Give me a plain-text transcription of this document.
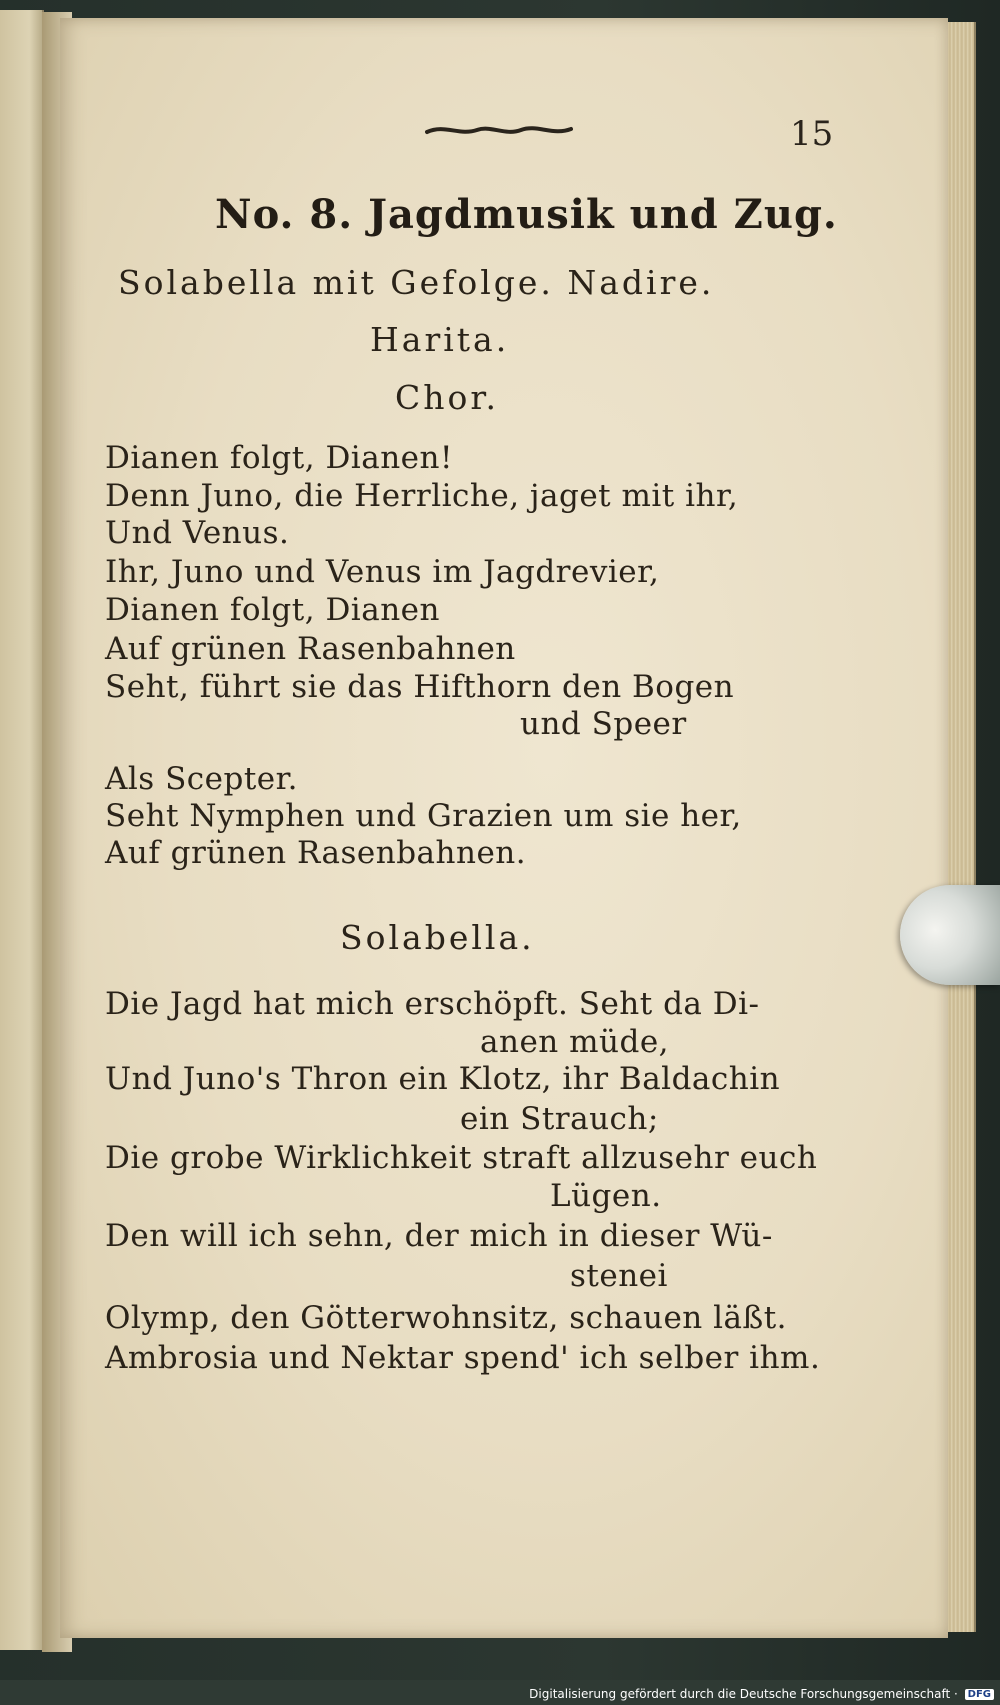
15
No. 8. Jagdmusik und Zug.
Solabella mit Gefolge. Nadire.
Harita.
Chor.
Dianen folgt, Dianen!
Denn Juno, die Herrliche, jaget mit ihr,
Und Venus.
Ihr, Juno und Venus im Jagdrevier,
Dianen folgt, Dianen
Auf grünen Rasenbahnen
Seht, führt sie das Hifthorn den Bogen
und Speer
Als Scepter.
Seht Nymphen und Grazien um sie her,
Auf grünen Rasenbahnen.
Solabella.
Die Jagd hat mich erschöpft. Seht da Di-
anen müde,
Und Juno's Thron ein Klotz, ihr Baldachin
ein Strauch;
Die grobe Wirklichkeit straft allzusehr euch
Lügen.
Den will ich sehn, der mich in dieser Wü-
stenei
Olymp, den Götterwohnsitz, schauen läßt.
Ambrosia und Nektar spend' ich selber ihm.
Digitalisierung gefördert durch die Deutsche Forschungsgemeinschaft · DFG
